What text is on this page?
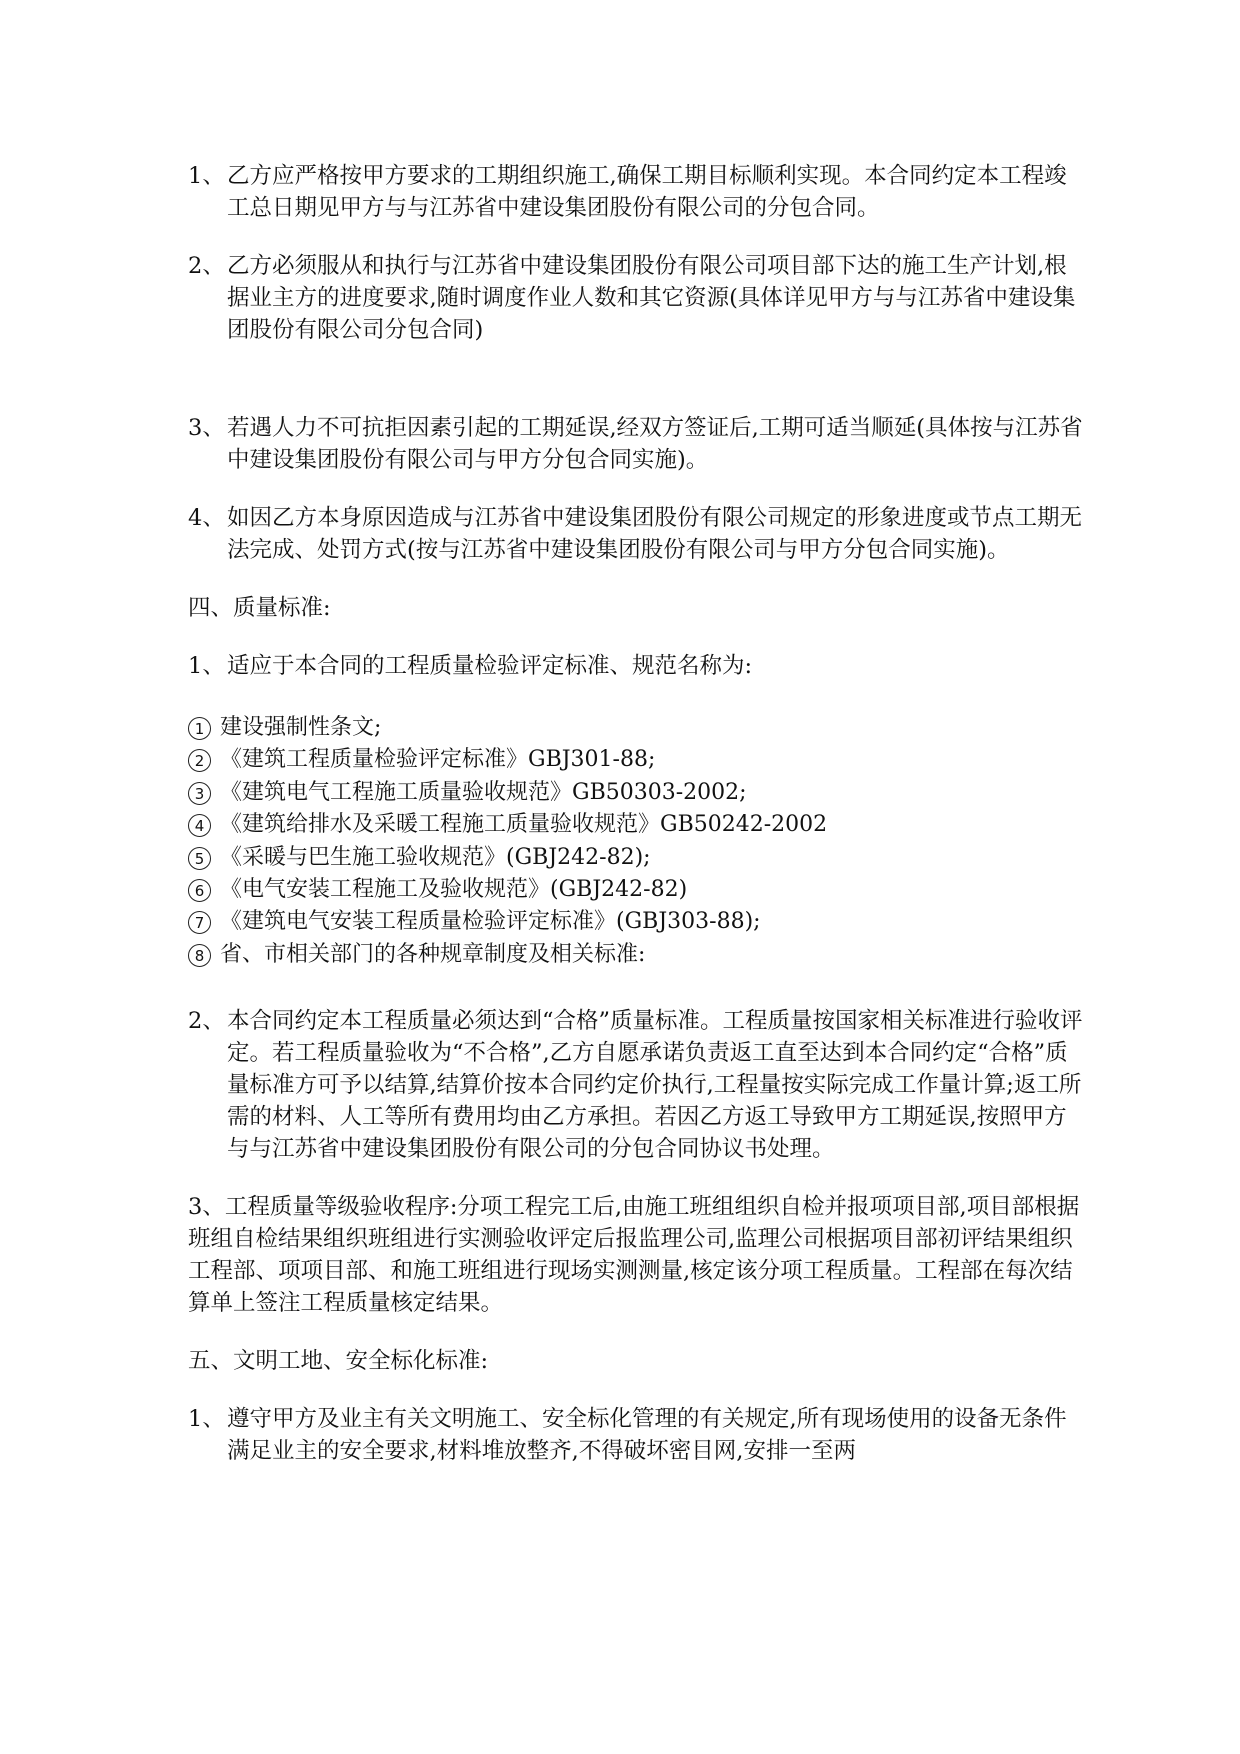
1、 乙方应严格按甲方要求的工期组织施工,确保工期目标顺利实现。本合同约定本工程竣工总日期见甲方与与江苏省中建设集团股份有限公司的分包合同。
2、 乙方必须服从和执行与江苏省中建设集团股份有限公司项目部下达的施工生产计划,根据业主方的进度要求,随时调度作业人数和其它资源(具体详见甲方与与江苏省中建设集团股份有限公司分包合同)
3、 若遇人力不可抗拒因素引起的工期延误,经双方签证后,工期可适当顺延(具体按与江苏省中建设集团股份有限公司与甲方分包合同实施)。
4、 如因乙方本身原因造成与江苏省中建设集团股份有限公司规定的形象进度或节点工期无法完成、处罚方式(按与江苏省中建设集团股份有限公司与甲方分包合同实施)。
四、质量标准:
1、 适应于本合同的工程质量检验评定标准、规范名称为:
1 建设强制性条文;
2 《建筑工程质量检验评定标准》GBJ301-88;
3 《建筑电气工程施工质量验收规范》GB50303-2002;
4 《建筑给排水及采暖工程施工质量验收规范》GB50242-2002
5 《采暖与巴生施工验收规范》(GBJ242-82);
6 《电气安装工程施工及验收规范》(GBJ242-82)
7 《建筑电气安装工程质量检验评定标准》(GBJ303-88);
8 省、市相关部门的各种规章制度及相关标准:
2、 本合同约定本工程质量必须达到“合格”质量标准。工程质量按国家相关标准进行验收评定。若工程质量验收为“不合格”,乙方自愿承诺负责返工直至达到本合同约定“合格”质量标准方可予以结算,结算价按本合同约定价执行,工程量按实际完成工作量计算;返工所需的材料、人工等所有费用均由乙方承担。若因乙方返工导致甲方工期延误,按照甲方与与江苏省中建设集团股份有限公司的分包合同协议书处理。
3、工程质量等级验收程序:分项工程完工后,由施工班组组织自检并报项项目部,项目部根据班组自检结果组织班组进行实测验收评定后报监理公司,监理公司根据项目部初评结果组织工程部、项项目部、和施工班组进行现场实测测量,核定该分项工程质量。工程部在每次结算单上签注工程质量核定结果。
五、文明工地、安全标化标准:
1、 遵守甲方及业主有关文明施工、安全标化管理的有关规定,所有现场使用的设备无条件满足业主的安全要求,材料堆放整齐,不得破坏密目网,安排一至两
